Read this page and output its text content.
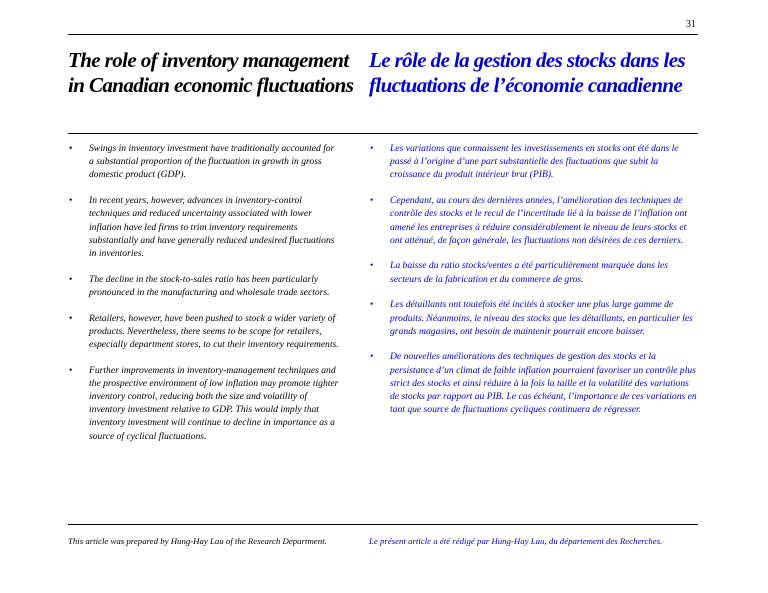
31
The role of inventory management in Canadian economic fluctuations
Le rôle de la gestion des stocks dans les fluctuations de l’économie canadienne
• Swings in inventory investment have traditionally accounted for a substantial proportion of the fluctuation in growth in gross domestic product (GDP).
• In recent years, however, advances in inventory-control techniques and reduced uncertainty associated with lower inflation have led firms to trim inventory requirements substantially and have generally reduced undesired fluctuations in inventories.
• The decline in the stock-to-sales ratio has been particularly pronounced in the manufacturing and wholesale trade sectors.
• Retailers, however, have been pushed to stock a wider variety of products. Nevertheless, there seems to be scope for retailers, especially department stores, to cut their inventory requirements.
• Further improvements in inventory-management techniques and the prospective environment of low inflation may promote tighter inventory control, reducing both the size and volatility of inventory investment relative to GDP. This would imply that inventory investment will continue to decline in importance as a source of cyclical fluctuations.
• Les variations que connaissent les investissements en stocks ont été dans le passé à l’origine d’une part substantielle des fluctuations que subit la croissance du produit intérieur brut (PIB).
• Cependant, au cours des dernières années, l’amélioration des techniques de contrôle des stocks et le recul de l’incertitude lié à la baisse de l’inflation ont amené les entreprises à réduire considérablement le niveau de leurs stocks et ont atténué, de façon générale, les fluctuations non désirées de ces derniers.
• La baisse du ratio stocks/ventes a été particulièrement marquée dans les secteurs de la fabrication et du commerce de gros.
• Les détaillants ont toutefois été incités à stocker une plus large gamme de produits. Néanmoins, le niveau des stocks que les détaillants, en particulier les grands magasins, ont besoin de maintenir pourrait encore baisser.
• De nouvelles améliorations des techniques de gestion des stocks et la persistance d’un climat de faible inflation pourraient favoriser un contrôle plus strict des stocks et ainsi réduire à la fois la taille et la volatilité des variations de stocks par rapport au PIB. Le cas échéant, l’importance de ces variations en tant que source de fluctuations cycliques continuera de régresser.

This article was prepared by Hung-Hay Lau of the Research Department.	Le présent article a été rédigé par Hung-Hay Lau, du département des Recherches.
